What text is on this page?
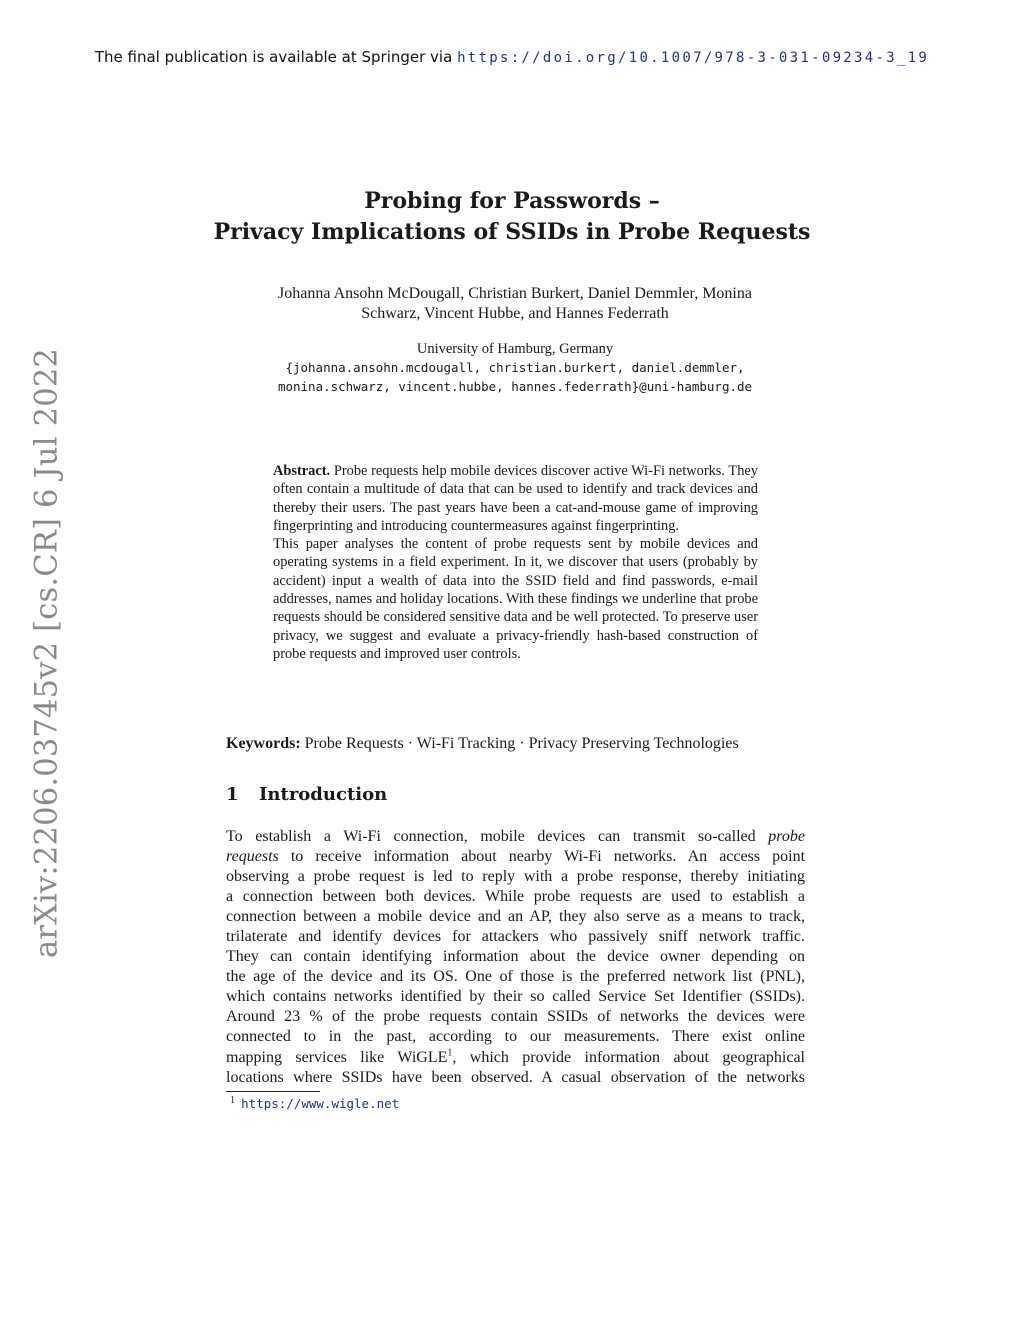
The final publication is available at Springer via https://doi.org/10.1007/978-3-031-09234-3_19
arXiv:2206.03745v2 [cs.CR] 6 Jul 2022
Probing for Passwords –
Privacy Implications of SSIDs in Probe Requests
Johanna Ansohn McDougall, Christian Burkert, Daniel Demmler, Monina
Schwarz, Vincent Hubbe, and Hannes Federrath
University of Hamburg, Germany
{johanna.ansohn.mcdougall, christian.burkert, daniel.demmler,
monina.schwarz, vincent.hubbe, hannes.federrath}@uni-hamburg.de

Abstract. Probe requests help mobile devices discover active Wi-Fi networks. They often contain a multitude of data that can be used to identify and track devices and thereby their users. The past years have been a cat-and-mouse game of improving fingerprinting and introducing countermeasures against fingerprinting.

This paper analyses the content of probe requests sent by mobile devices and operating systems in a field experiment. In it, we discover that users (probably by accident) input a wealth of data into the SSID field and find passwords, e-mail addresses, names and holiday locations. With these findings we underline that probe requests should be considered sensitive data and be well protected. To preserve user privacy, we suggest and evaluate a privacy-friendly hash-based construction of probe requests and improved user controls.

Keywords: Probe Requests · Wi-Fi Tracking · Privacy Preserving Technologies
1 Introduction
To establish a Wi-Fi connection, mobile devices can transmit so-called probe
requests to receive information about nearby Wi-Fi networks. An access point
observing a probe request is led to reply with a probe response, thereby initiating
a connection between both devices. While probe requests are used to establish a
connection between a mobile device and an AP, they also serve as a means to track,
trilaterate and identify devices for attackers who passively sniff network traffic.
They can contain identifying information about the device owner depending on
the age of the device and its OS. One of those is the preferred network list (PNL),
which contains networks identified by their so called Service Set Identifier (SSIDs).
Around 23 % of the probe requests contain SSIDs of networks the devices were
connected to in the past, according to our measurements. There exist online
mapping services like WiGLE$^1$, which provide information about geographical
locations where SSIDs have been observed. A casual observation of the networks
$^1$ https://www.wigle.net
